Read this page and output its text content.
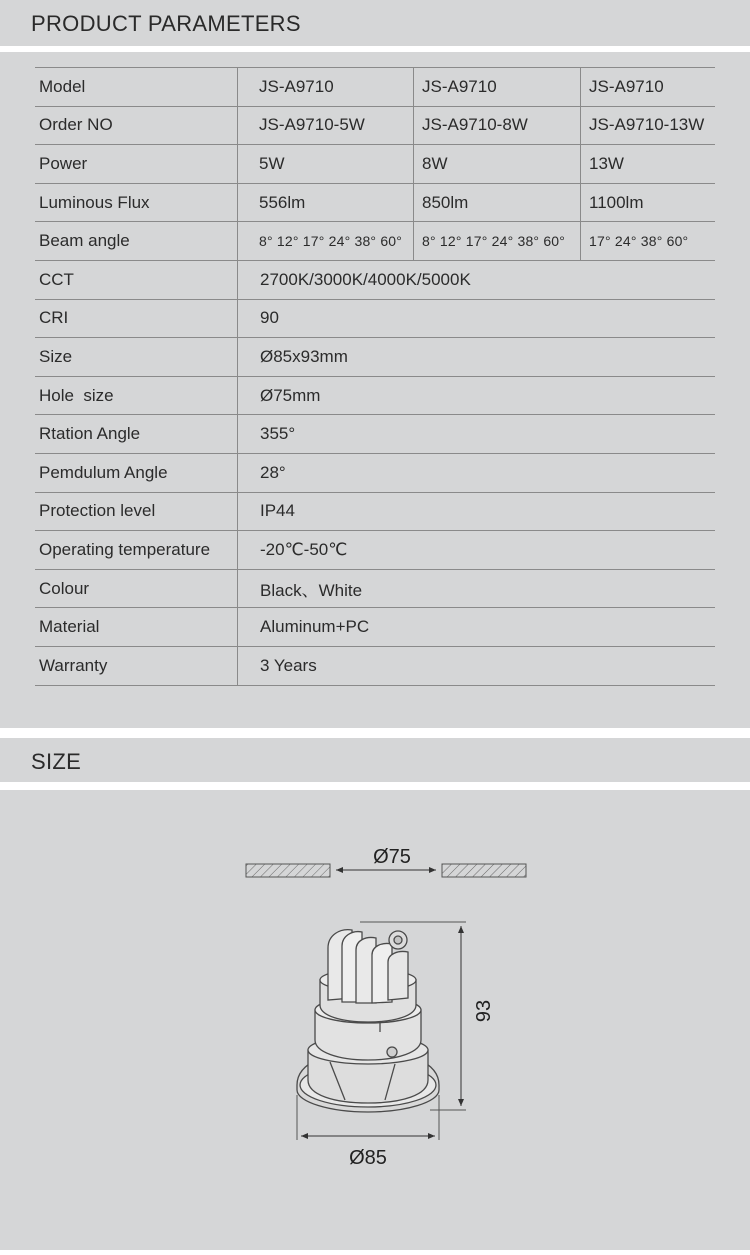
PRODUCT PARAMETERS
Model	JS-A9710	JS-A9710	JS-A9710
Order NO	JS-A9710-5W	JS-A9710-8W	JS-A9710-13W
Power	5W	8W	13W
Luminous Flux	556lm	850lm	1100lm
Beam angle	8° 12° 17° 24° 38° 60°	8° 12° 17° 24° 38° 60°	17° 24° 38° 60°
CCT	2700K/3000K/4000K/5000K		
CRI	90		
Size	Ø85x93mm		
Hole  size	Ø75mm		
Rtation Angle	355°		
Pemdulum Angle	28°		
Protection level	IP44		
Operating temperature	-20℃-50℃		
Colour	Black、White		
Material	Aluminum+PC		
Warranty	3 Years		
SIZE
Ø75
93
Ø85
